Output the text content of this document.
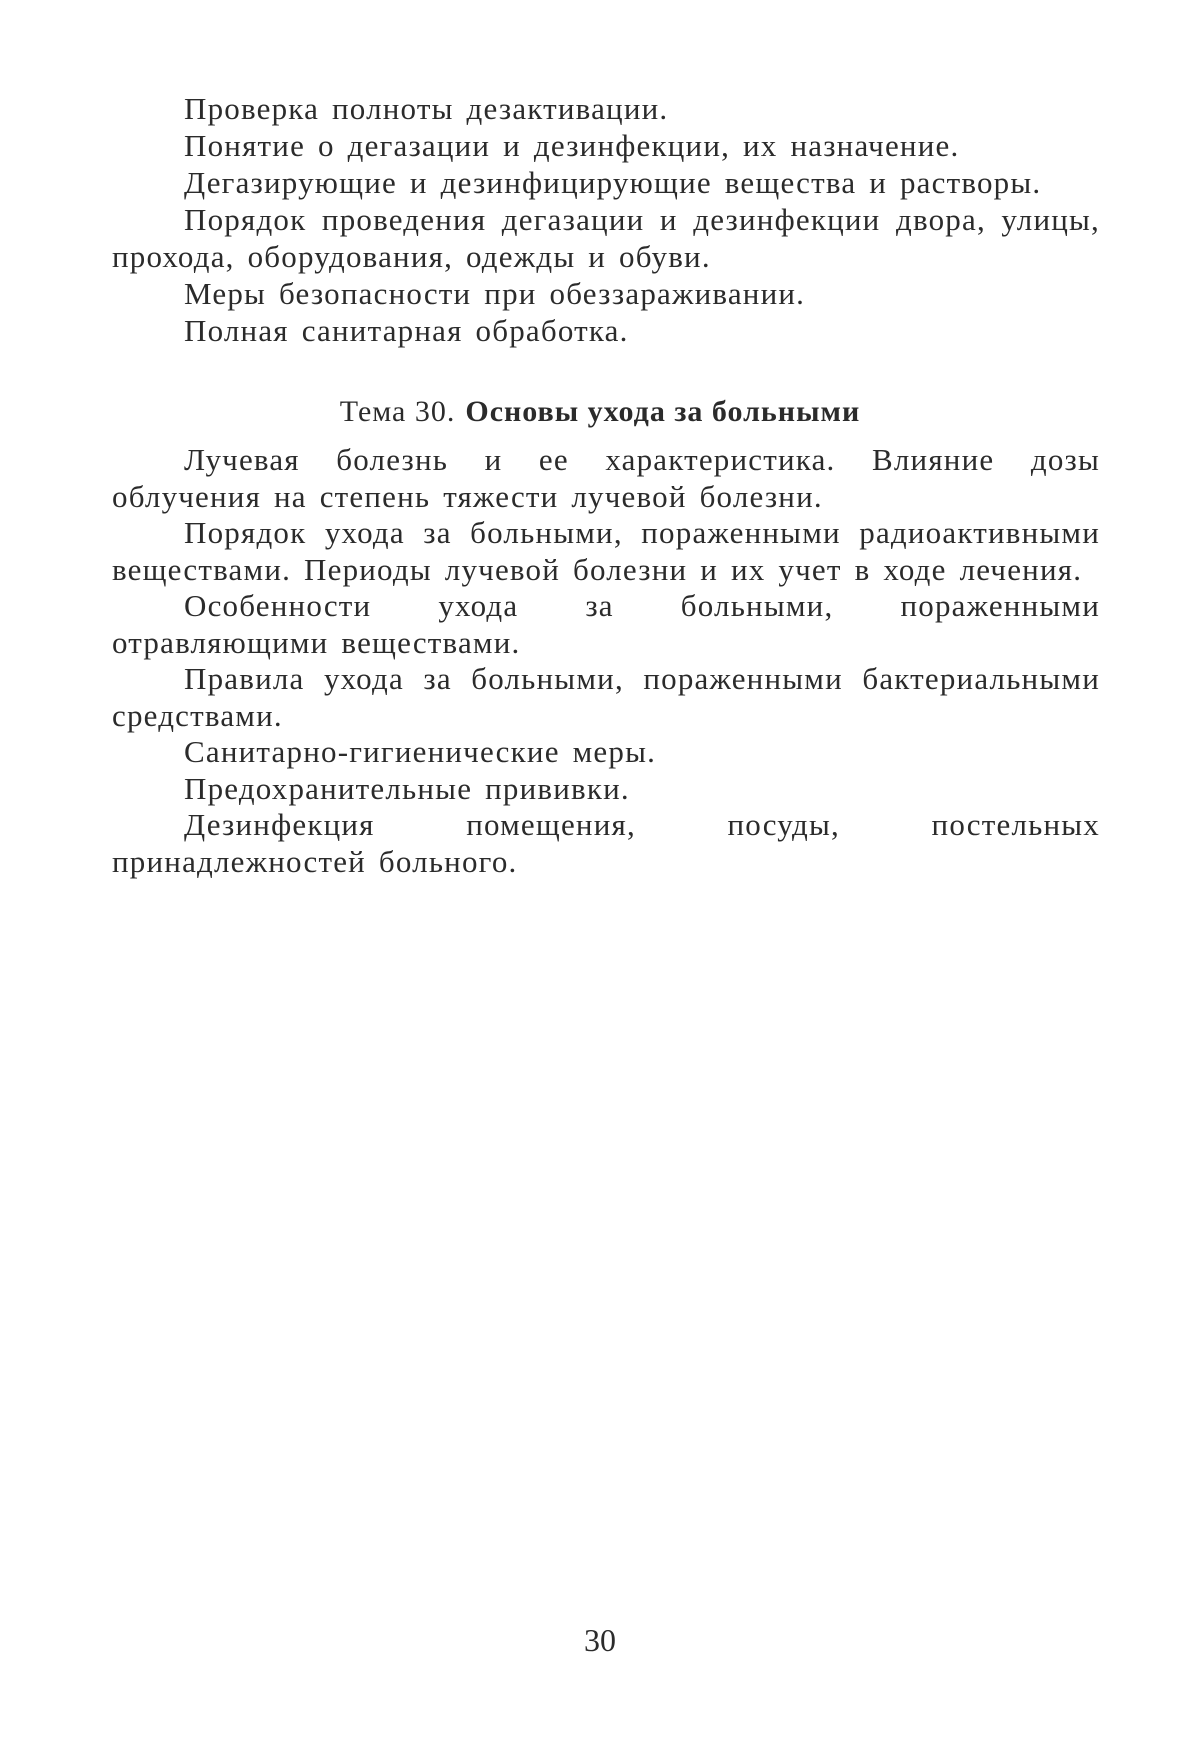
Проверка полноты дезактивации.

Понятие о дегазации и дезинфекции, их назначение.

Дегазирующие и дезинфицирующие вещества и растворы.

Порядок проведения дегазации и дезинфекции двора, улицы, прохода, оборудования, одежды и обуви.

Меры безопасности при обеззараживании.

Полная санитарная обработка.

Тема 30. Основы ухода за больными

Лучевая болезнь и ее характеристика. Влияние дозы облучения на степень тяжести лучевой болезни.

Порядок ухода за больными, пораженными радиоактивными веществами. Периоды лучевой болезни и их учет в ходе лечения.

Особенности ухода за больными, пораженными отравляющими веществами.

Правила ухода за больными, пораженными бактериальными средствами.

Санитарно-гигиенические меры.

Предохранительные прививки.

Дезинфекция помещения, посуды, постельных принадлежностей больного.

30
